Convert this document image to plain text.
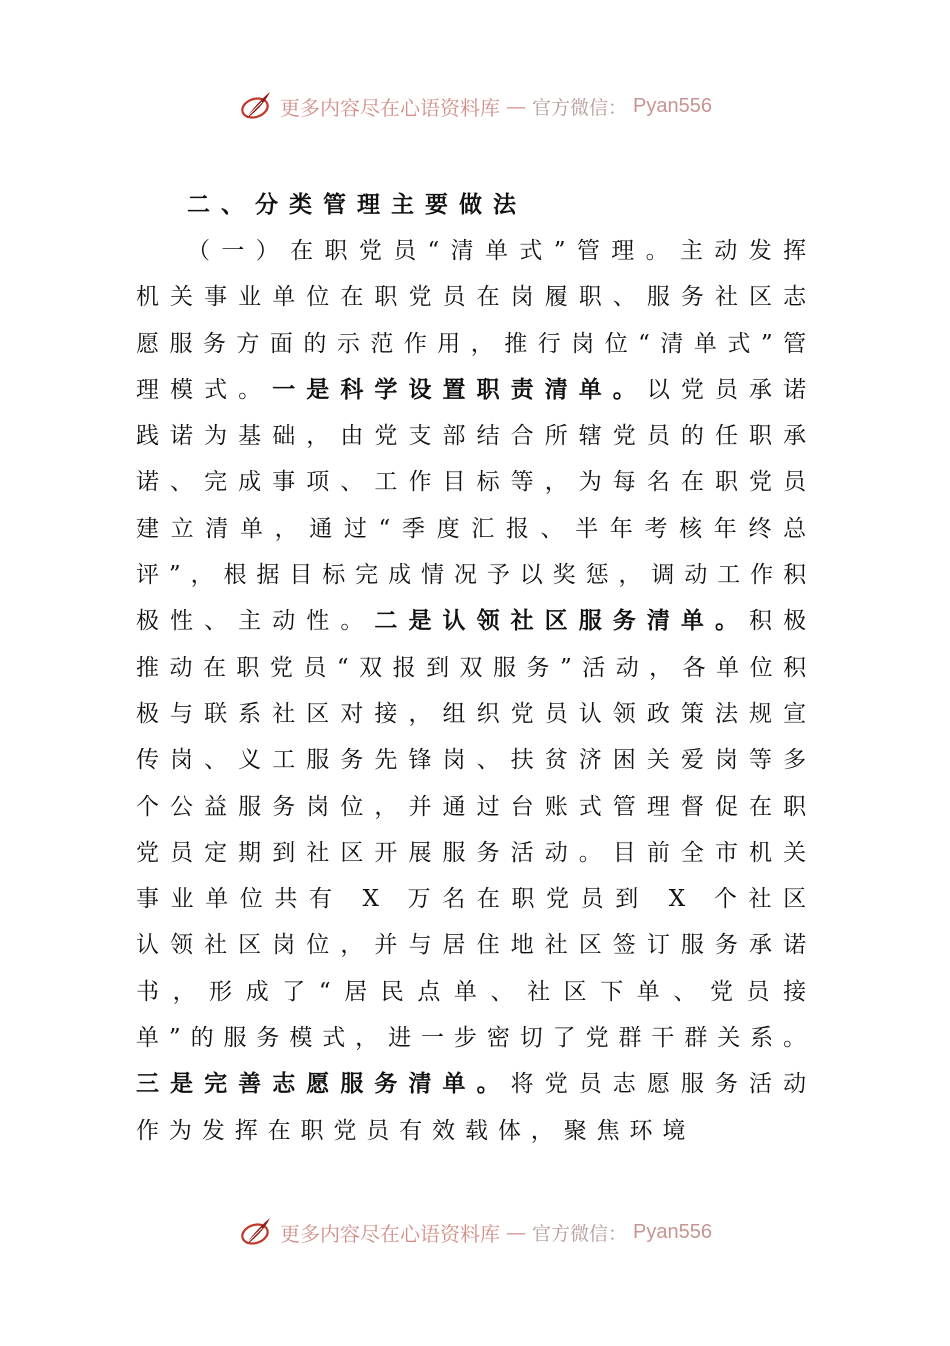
更多内容尽在心语资料库 — 官方微信： Pyan556
二、分类管理主要做法

（一）在职党员“清单式”管理。主动发挥机关事业单位在职党员在岗履职、服务社区志愿服务方面的示范作用，推行岗位“清单式”管理模式。一是科学设置职责清单。以党员承诺践诺为基础，由党支部结合所辖党员的任职承诺、完成事项、工作目标等，为每名在职党员建立清单，通过“季度汇报、半年考核年终总评”，根据目标完成情况予以奖惩，调动工作积极性、主动性。二是认领社区服务清单。积极推动在职党员“双报到双服务”活动，各单位积极与联系社区对接，组织党员认领政策法规宣传岗、义工服务先锋岗、扶贫济困关爱岗等多个公益服务岗位，并通过台账式管理督促在职党员定期到社区开展服务活动。目前全市机关事业单位共有 X 万名在职党员到 X 个社区认领社区岗位，并与居住地社区签订服务承诺书，形成了“居民点单、社区下单、党员接单”的服务模式，进一步密切了党群干群关系。三是完善志愿服务清单。将党员志愿服务活动作为发挥在职党员有效载体，聚焦环境

更多内容尽在心语资料库 — 官方微信： Pyan556
